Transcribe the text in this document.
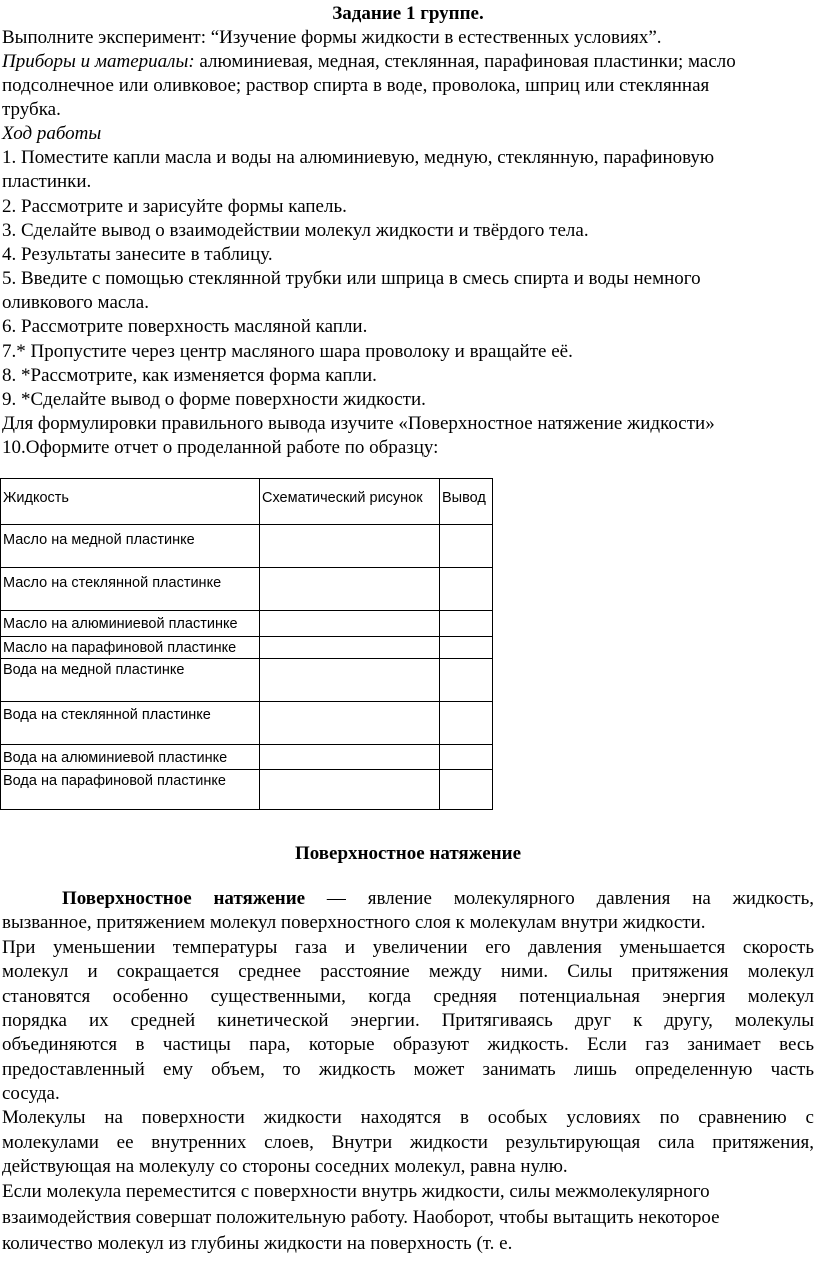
Задание 1 группе.
Выполните эксперимент: “Изучение формы жидкости в естественных условиях”.
Приборы и материалы: алюминиевая, медная, стеклянная, парафиновая пластинки; масло
подсолнечное или оливковое; раствор спирта в воде, проволока, шприц или стеклянная
трубка.
Ход работы
1. Поместите капли масла и воды на алюминиевую, медную, стеклянную, парафиновую
пластинки.
2. Рассмотрите и зарисуйте формы капель.
3. Сделайте вывод о взаимодействии молекул жидкости и твёрдого тела.
4. Результаты занесите в таблицу.
5. Введите с помощью стеклянной трубки или шприца в смесь спирта и воды немного
оливкового масла.
6. Рассмотрите поверхность масляной капли.
7.* Пропустите через центр масляного шара проволоку и вращайте её.
8. *Рассмотрите, как изменяется форма капли.
9. *Сделайте вывод о форме поверхности жидкости.
Для формулировки правильного вывода изучите «Поверхностное натяжение жидкости»
10.Оформите отчет о проделанной работе по образцу:
Жидкость	Схематический рисунок	Вывод
Масло на медной пластинке		
Масло на стеклянной пластинке		
Масло на алюминиевой пластинке		
Масло на парафиновой пластинке		
Вода на медной пластинке		
Вода на стеклянной пластинке		
Вода на алюминиевой пластинке		
Вода на парафиновой пластинке		
Поверхностное натяжение
Поверхностное натяжение — явление молекулярного давления на жидкость,
вызванное, притяжением молекул поверхностного слоя к молекулам внутри жидкости.
При уменьшении температуры газа и увеличении его давления уменьшается скорость
молекул и сокращается среднее расстояние между ними. Силы притяжения молекул
становятся особенно существенными, когда средняя потенциальная энергия молекул
порядка их средней кинетической энергии. Притягиваясь друг к другу, молекулы
объединяются в частицы пара, которые образуют жидкость. Если газ занимает весь
предоставленный ему объем, то жидкость может занимать лишь определенную часть
сосуда.
Молекулы на поверхности жидкости находятся в особых условиях по сравнению с
молекулами ее внутренних слоев, Внутри жидкости результирующая сила притяжения,
действующая на молекулу со стороны соседних молекул, равна нулю.
Если молекула переместится с поверхности внутрь жидкости, силы межмолекулярного
взаимодействия совершат положительную работу. Наоборот, чтобы вытащить некоторое
количество молекул из глубины жидкости на поверхность (т. е.
